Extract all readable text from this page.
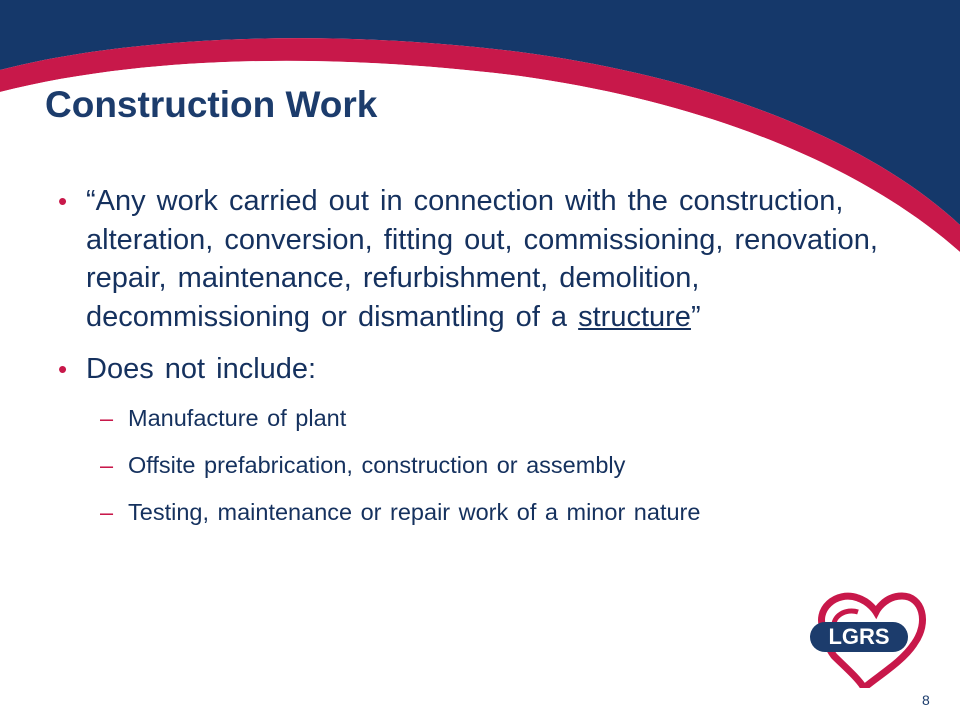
Construction Work
• “Any work carried out in connection with the construction, alteration, conversion, fitting out, commissioning, renovation, repair, maintenance, refurbishment, demolition, decommissioning or dismantling of a structure”
• Does not include:
– Manufacture of plant
– Offsite prefabrication, construction or assembly
– Testing, maintenance or repair work of a minor nature
LGRS
8
